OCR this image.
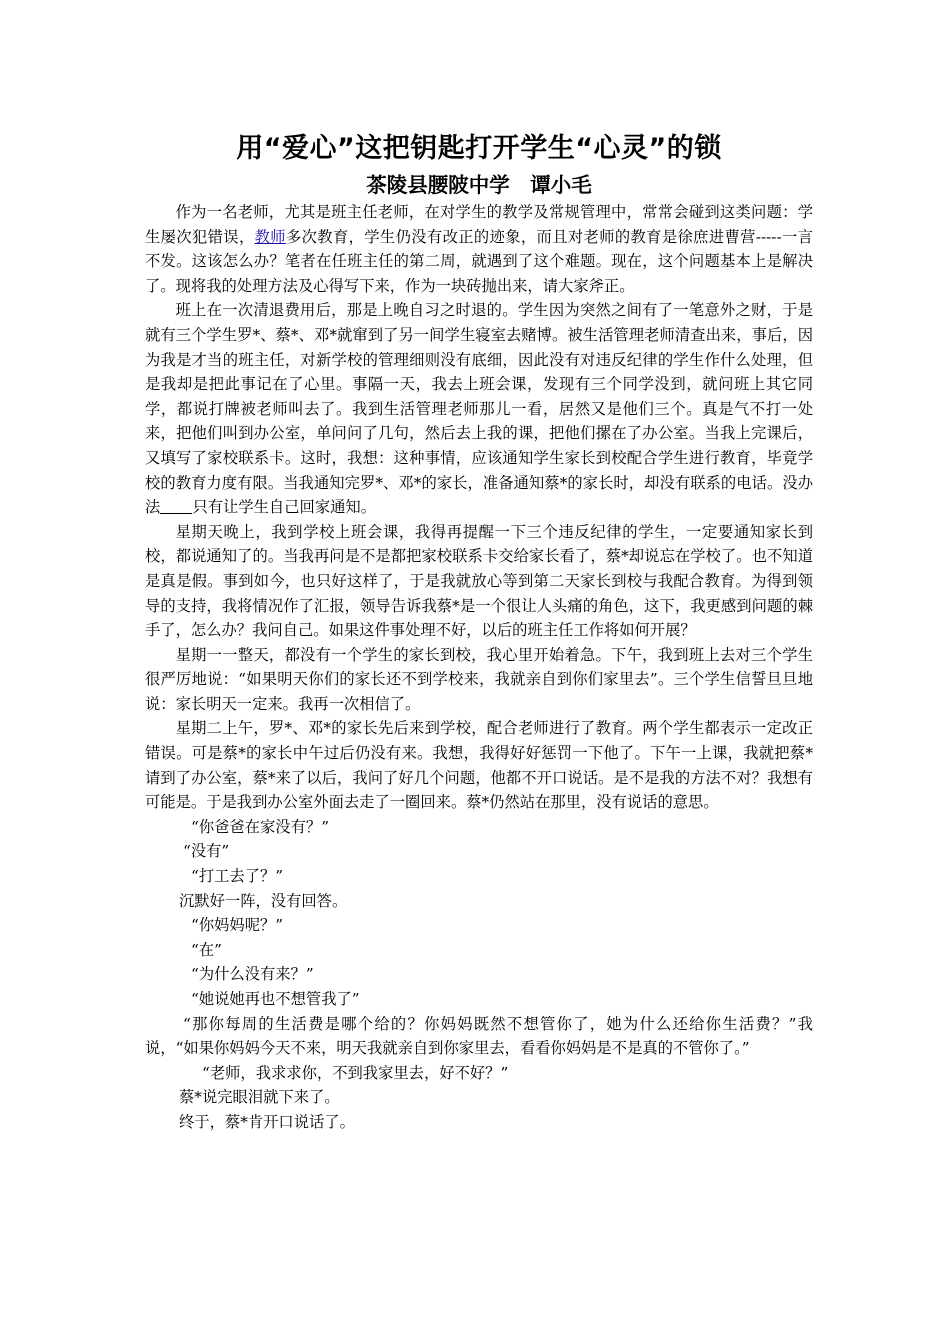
用“爱心”这把钥匙打开学生“心灵”的锁
茶陵县腰陂中学　谭小毛

作为一名老师，尤其是班主任老师，在对学生的教学及常规管理中，常常会碰到这类问题：学生屡次犯错误，教师多次教育，学生仍没有改正的迹象，而且对老师的教育是徐庶进曹营-----一言不发。这该怎么办？笔者在任班主任的第二周，就遇到了这个难题。现在，这个问题基本上是解决了。现将我的处理方法及心得写下来，作为一块砖抛出来，请大家斧正。

班上在一次清退费用后，那是上晚自习之时退的。学生因为突然之间有了一笔意外之财，于是就有三个学生罗*、蔡*、邓*就窜到了另一间学生寝室去赌博。被生活管理老师清查出来，事后，因为我是才当的班主任，对新学校的管理细则没有底细，因此没有对违反纪律的学生作什么处理，但是我却是把此事记在了心里。事隔一天，我去上班会课，发现有三个同学没到，就问班上其它同学，都说打牌被老师叫去了。我到生活管理老师那儿一看，居然又是他们三个。真是气不打一处来，把他们叫到办公室，单问问了几句，然后去上我的课，把他们摞在了办公室。当我上完课后，又填写了家校联系卡。这时，我想：这种事情，应该通知学生家长到校配合学生进行教育，毕竟学校的教育力度有限。当我通知完罗*、邓*的家长，准备通知蔡*的家长时，却没有联系的电话。没办法 只有让学生自己回家通知。

星期天晚上，我到学校上班会课，我得再提醒一下三个违反纪律的学生，一定要通知家长到校，都说通知了的。当我再问是不是都把家校联系卡交给家长看了，蔡*却说忘在学校了。也不知道是真是假。事到如今，也只好这样了，于是我就放心等到第二天家长到校与我配合教育。为得到领导的支持，我将情况作了汇报，领导告诉我蔡*是一个很让人头痛的角色，这下，我更感到问题的棘手了，怎么办？我问自己。如果这件事处理不好，以后的班主任工作将如何开展？

星期一一整天，都没有一个学生的家长到校，我心里开始着急。下午，我到班上去对三个学生很严厉地说：“如果明天你们的家长还不到学校来，我就亲自到你们家里去”。三个学生信誓旦旦地说：家长明天一定来。我再一次相信了。

星期二上午，罗*、邓*的家长先后来到学校，配合老师进行了教育。两个学生都表示一定改正错误。可是蔡*的家长中午过后仍没有来。我想，我得好好惩罚一下他了。下午一上课，我就把蔡*请到了办公室，蔡*来了以后，我问了好几个问题，他都不开口说话。是不是我的方法不对？我想有可能是。于是我到办公室外面去走了一圈回来。蔡*仍然站在那里，没有说话的意思。

“你爸爸在家没有？”

“没有”

“打工去了？”

沉默好一阵，没有回答。

“你妈妈呢？”

“在”

“为什么没有来？”

“她说她再也不想管我了”

“那你每周的生活费是哪个给的？你妈妈既然不想管你了，她为什么还给你生活费？”我说，“如果你妈妈今天不来，明天我就亲自到你家里去，看看你妈妈是不是真的不管你了。”

“老师，我求求你，不到我家里去，好不好？”

蔡*说完眼泪就下来了。

终于，蔡*肯开口说话了。
